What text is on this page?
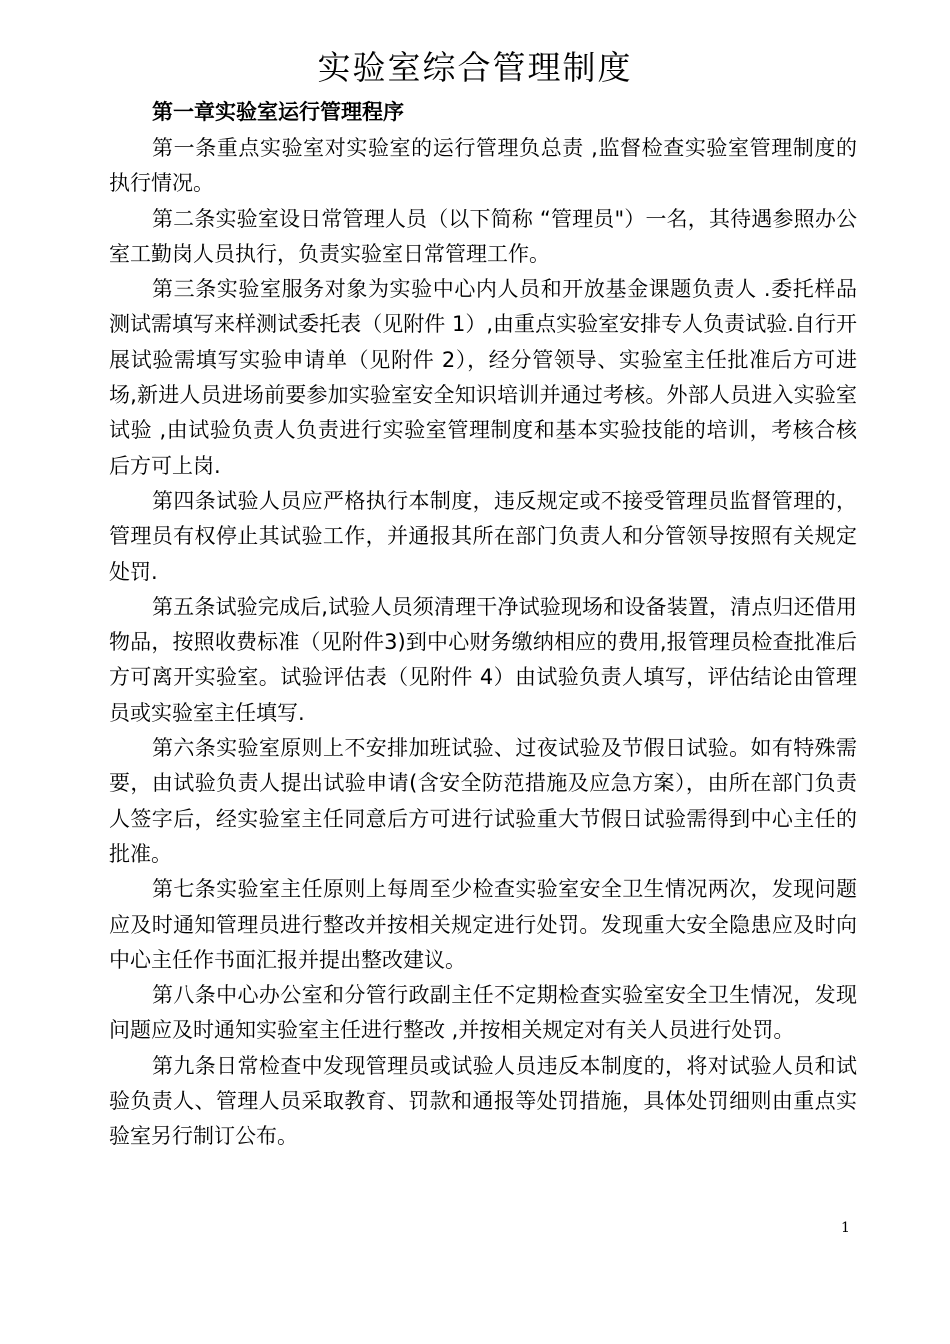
实验室综合管理制度
第一章实验室运行管理程序

第一条重点实验室对实验室的运行管理负总责 ,监督检查实验室管理制度的执行情况。

第二条实验室设日常管理人员（以下简称 “管理员"）一名，其待遇参照办公室工勤岗人员执行，负责实验室日常管理工作。

第三条实验室服务对象为实验中心内人员和开放基金课题负责人 .委托样品测试需填写来样测试委托表（见附件 1）,由重点实验室安排专人负责试验.自行开展试验需填写实验申请单（见附件 2），经分管领导、实验室主任批准后方可进场,新进人员进场前要参加实验室安全知识培训并通过考核。外部人员进入实验室试验 ,由试验负责人负责进行实验室管理制度和基本实验技能的培训，考核合核后方可上岗.

第四条试验人员应严格执行本制度，违反规定或不接受管理员监督管理的，管理员有权停止其试验工作，并通报其所在部门负责人和分管领导按照有关规定处罚.

第五条试验完成后,试验人员须清理干净试验现场和设备装置，清点归还借用物品，按照收费标准（见附件3)到中心财务缴纳相应的费用,报管理员检查批准后方可离开实验室。试验评估表（见附件 4）由试验负责人填写，评估结论由管理员或实验室主任填写.

第六条实验室原则上不安排加班试验、过夜试验及节假日试验。如有特殊需要，由试验负责人提出试验申请(含安全防范措施及应急方案），由所在部门负责人签字后，经实验室主任同意后方可进行试验重大节假日试验需得到中心主任的批准。

第七条实验室主任原则上每周至少检查实验室安全卫生情况两次，发现问题应及时通知管理员进行整改并按相关规定进行处罚。发现重大安全隐患应及时向中心主任作书面汇报并提出整改建议。

第八条中心办公室和分管行政副主任不定期检查实验室安全卫生情况，发现问题应及时通知实验室主任进行整改 ,并按相关规定对有关人员进行处罚。

第九条日常检查中发现管理员或试验人员违反本制度的，将对试验人员和试验负责人、管理人员采取教育、罚款和通报等处罚措施，具体处罚细则由重点实验室另行制订公布。

1
